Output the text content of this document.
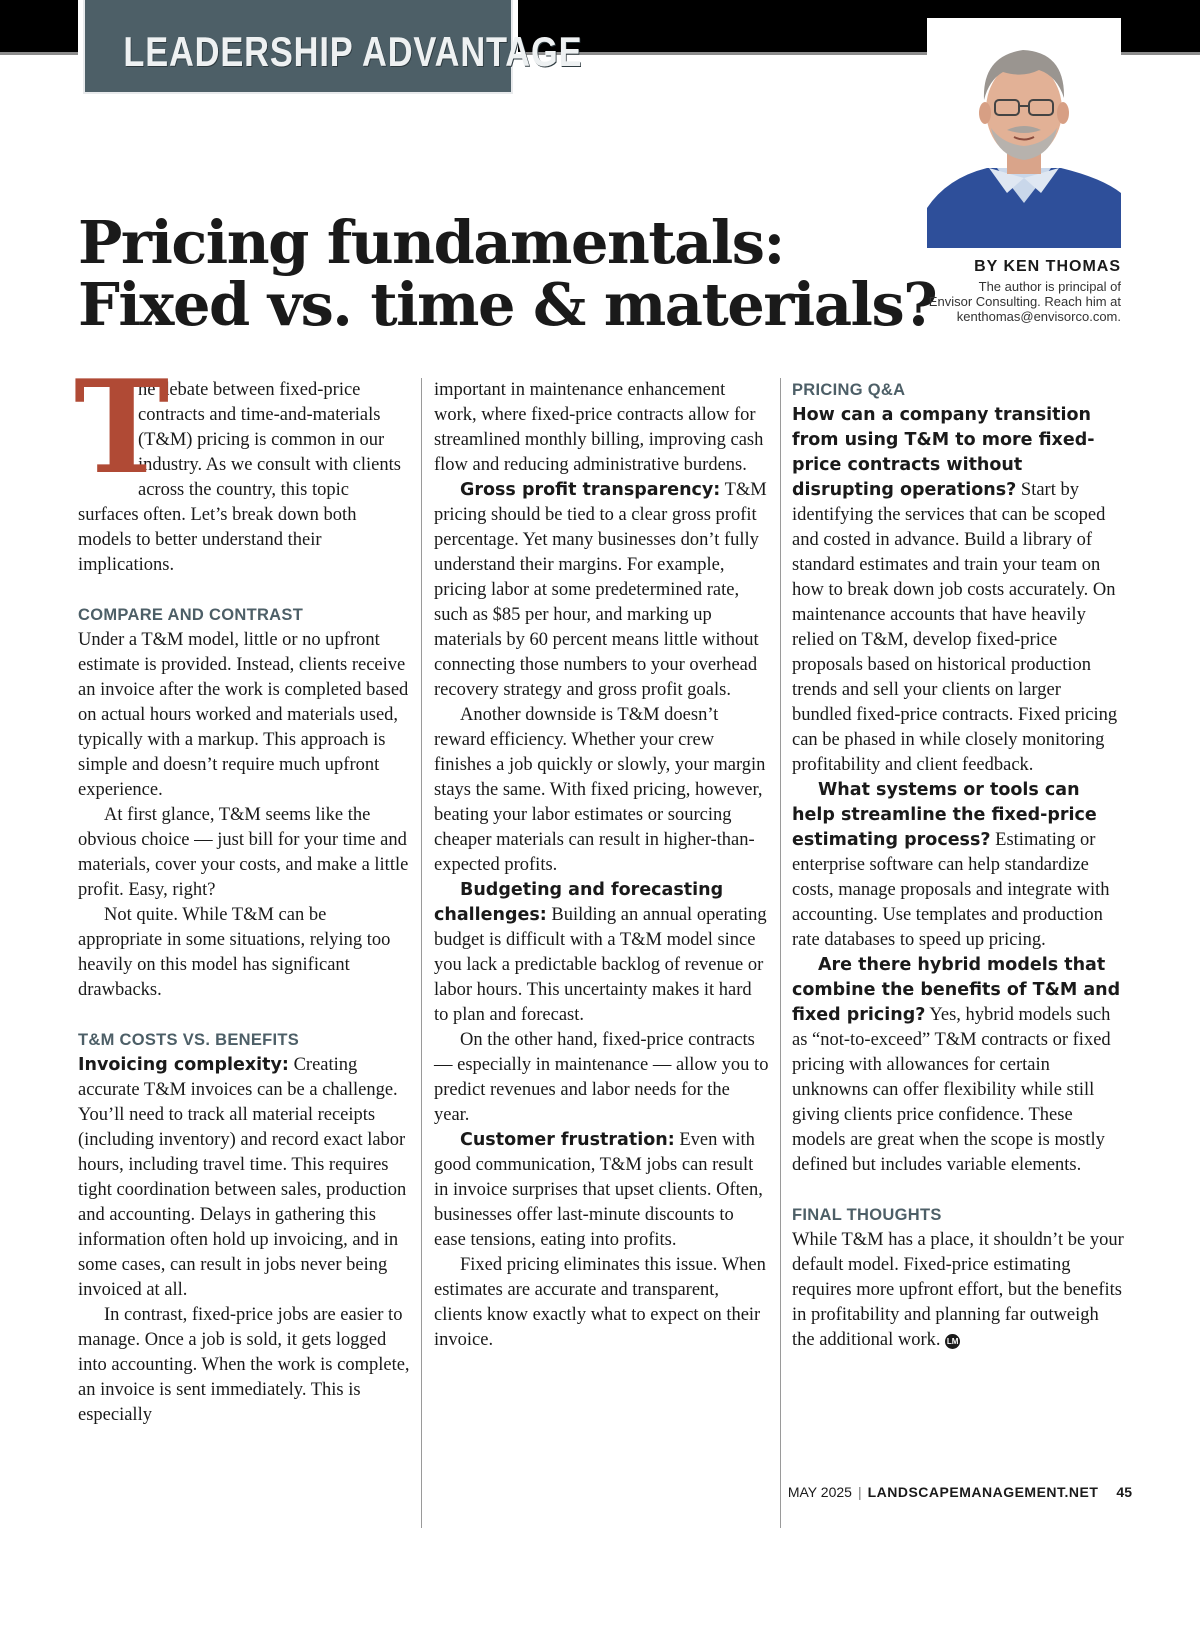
LEADERSHIP ADVANTAGE
Pricing fundamentals:
Fixed vs. time & materials?
BY KEN THOMAS
The author is principal of
Envisor Consulting. Reach him at
kenthomas@envisorco.com.
T

he debate between fixed-price contracts and time-and-materials (T&M) pricing is common in our industry. As we consult with clients across the country, this topic surfaces often. Let’s break down both models to better understand their implications.

COMPARE AND CONTRAST

Under a T&M model, little or no upfront estimate is provided. Instead, clients receive an invoice after the work is completed based on actual hours worked and materials used, typically with a markup. This approach is simple and doesn’t require much upfront experience.

At first glance, T&M seems like the obvious choice — just bill for your time and materials, cover your costs, and make a little profit. Easy, right?

Not quite. While T&M can be appropriate in some situations, relying too heavily on this model has significant drawbacks.

T&M COSTS VS. BENEFITS

Invoicing complexity: Creating accurate T&M invoices can be a challenge. You’ll need to track all material receipts (including inventory) and record exact labor hours, including travel time. This requires tight coordination between sales, production and accounting. Delays in gathering this information often hold up invoicing, and in some cases, can result in jobs never being invoiced at all.

In contrast, fixed-price jobs are easier to manage. Once a job is sold, it gets logged into accounting. When the work is complete, an invoice is sent immediately. This is especially

important in maintenance enhancement work, where fixed-price contracts allow for streamlined monthly billing, improving cash flow and reducing administrative burdens.

Gross profit transparency: T&M pricing should be tied to a clear gross profit percentage. Yet many businesses don’t fully understand their margins. For example, pricing labor at some predetermined rate, such as $85 per hour, and marking up materials by 60 percent means little without connecting those numbers to your overhead recovery strategy and gross profit goals.

Another downside is T&M doesn’t reward efficiency. Whether your crew finishes a job quickly or slowly, your margin stays the same. With fixed pricing, however, beating your labor estimates or sourcing cheaper materials can result in higher-than-expected profits.

Budgeting and forecasting challenges: Building an annual operating budget is difficult with a T&M model since you lack a predictable backlog of revenue or labor hours. This uncertainty makes it hard to plan and forecast.

On the other hand, fixed-price contracts — especially in maintenance — allow you to predict revenues and labor needs for the year.

Customer frustration: Even with good communication, T&M jobs can result in invoice surprises that upset clients. Often, businesses offer last-minute discounts to ease tensions, eating into profits.

Fixed pricing eliminates this issue. When estimates are accurate and transparent, clients know exactly what to expect on their invoice.

PRICING Q&A

How can a company transition from using T&M to more fixed-price contracts without disrupting operations? Start by identifying the services that can be scoped and costed in advance. Build a library of standard estimates and train your team on how to break down job costs accurately. On maintenance accounts that have heavily relied on T&M, develop fixed-price proposals based on historical production trends and sell your clients on larger bundled fixed-price contracts. Fixed pricing can be phased in while closely monitoring profitability and client feedback.

What systems or tools can help streamline the fixed-price estimating process? Estimating or enterprise software can help standardize costs, manage proposals and integrate with accounting. Use templates and production rate databases to speed up pricing.

Are there hybrid models that combine the benefits of T&M and fixed pricing? Yes, hybrid models such as “not-to-exceed” T&M contracts or fixed pricing with allowances for certain unknowns can offer flexibility while still giving clients price confidence. These models are great when the scope is mostly defined but includes variable elements.

FINAL THOUGHTS

While T&M has a place, it shouldn’t be your default model. Fixed-price estimating requires more upfront effort, but the benefits in profitability and planning far outweigh the additional work. LM

MAY 2025 | LANDSCAPEMANAGEMENT.NET 45
